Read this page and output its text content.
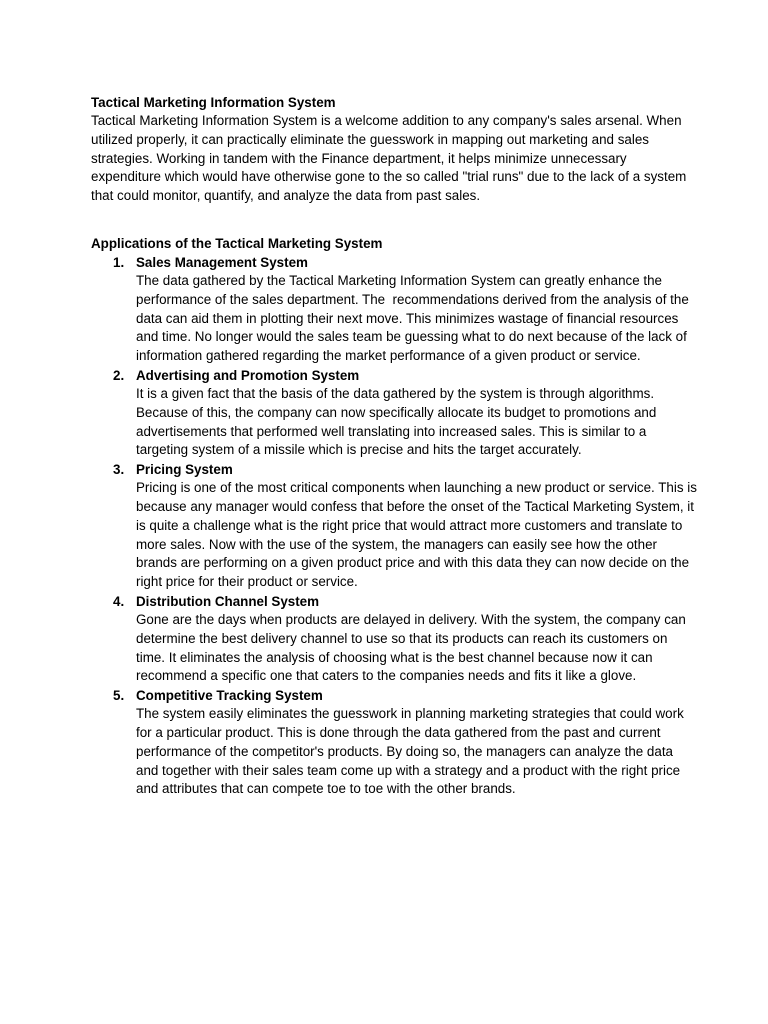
Tactical Marketing Information System

Tactical Marketing Information System is a welcome addition to any company's sales arsenal. When utilized properly, it can practically eliminate the guesswork in mapping out marketing and sales strategies. Working in tandem with the Finance department, it helps minimize unnecessary expenditure which would have otherwise gone to the so called "trial runs" due to the lack of a system that could monitor, quantify, and analyze the data from past sales.

Applications of the Tactical Marketing System
1. Sales Management System
The data gathered by the Tactical Marketing Information System can greatly enhance the performance of the sales department. The  recommendations derived from the analysis of the data can aid them in plotting their next move. This minimizes wastage of financial resources and time. No longer would the sales team be guessing what to do next because of the lack of information gathered regarding the market performance of a given product or service.
2. Advertising and Promotion System
It is a given fact that the basis of the data gathered by the system is through algorithms. Because of this, the company can now specifically allocate its budget to promotions and advertisements that performed well translating into increased sales. This is similar to a targeting system of a missile which is precise and hits the target accurately.
3. Pricing System
Pricing is one of the most critical components when launching a new product or service. This is because any manager would confess that before the onset of the Tactical Marketing System, it is quite a challenge what is the right price that would attract more customers and translate to more sales. Now with the use of the system, the managers can easily see how the other brands are performing on a given product price and with this data they can now decide on the right price for their product or service.
4. Distribution Channel System
Gone are the days when products are delayed in delivery. With the system, the company can determine the best delivery channel to use so that its products can reach its customers on time. It eliminates the analysis of choosing what is the best channel because now it can recommend a specific one that caters to the companies needs and fits it like a glove.
5. Competitive Tracking System
The system easily eliminates the guesswork in planning marketing strategies that could work for a particular product. This is done through the data gathered from the past and current performance of the competitor's products. By doing so, the managers can analyze the data and together with their sales team come up with a strategy and a product with the right price and attributes that can compete toe to toe with the other brands.
